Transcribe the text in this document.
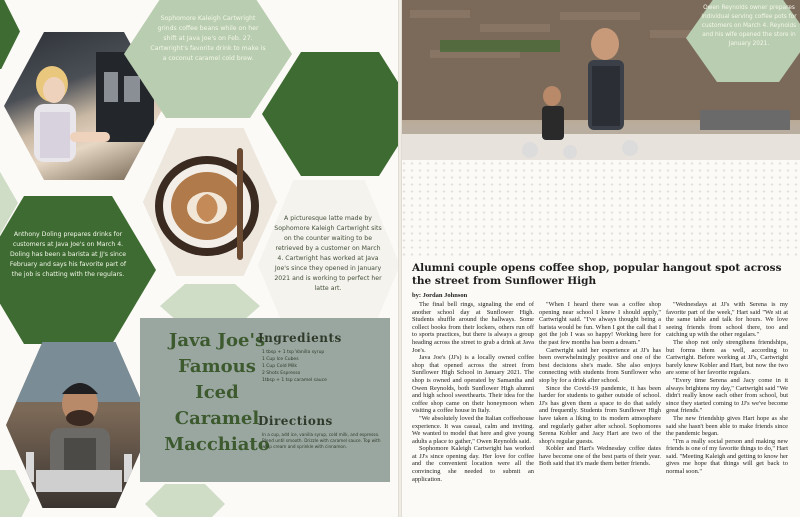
Sophomore Kaleigh Cartwright grinds coffee beans while on her shift at Java Joe's on Feb. 27. Cartwright's favorite drink to make is a coconut caramel cold brew.
A picturesque latte made by Sophomore Kaleigh Cartwright sits on the counter waiting to be retrieved by a customer on March 4. Cartwright has worked at Java Joe's since they opened in January 2021 and is working to perfect her latte art.
Anthony Doling prepares drinks for customers at Java Joe's on March 4. Doling has been a barista at JJ's since February and says his favorite part of the job is chatting with the regulars.
Java Joe's Famous Iced Caramel Macchiato
Ingredients
1 tbsp + 1 tsp Vanilla syrup
1 Cup Ice Cubes
1 Cup Cold Milk
2 Shots Espresso
1tbsp + 1 tsp caramel sauce
Directions
In a cup, add ice, vanilla syrup, cold milk, and espresso. Blend until smooth. Drizzle with caramel sauce. Top with whip cream and sprinkle with cinnamon.
Owen Reynolds owner prepares individual serving coffee pots for customers on March 4. Reynolds and his wife opened the store in January 2021.
Alumni couple opens coffee shop, popular hangout spot across the street from Sunflower High
by: Jordan Johnson

The final bell rings, signaling the end of another school day at Sunflower High. Students shuffle around the hallways. Some collect books from their lockers, others run off to sports practices, but there is always a group heading across the street to grab a drink at Java Joe's.

Java Joe's (JJ's) is a locally owned coffee shop that opened across the street from Sunflower High School in January 2021. The shop is owned and operated by Samantha and Owen Reynolds, both Sunflower High alumni and high school sweethearts. Their idea for the coffee shop came on their honeymoon when visiting a coffee house in Italy.

"We absolutely loved the Italian coffeehouse experience. It was casual, calm and inviting. We wanted to model that here and give young adults a place to gather," Owen Reynolds said.

Sophomore Kaleigh Cartwright has worked at JJ's since opening day. Her love for coffee and the convenient location were all the convincing she needed to submit an application.

"When I heard there was a coffee shop opening near school I knew I should apply," Cartwright said. "I've always thought being a barista would be fun. When I got the call that I got the job I was so happy! Working here for the past few months has been a dream."

Cartwright said her experience at JJ's has been overwhelmingly positive and one of the best decisions she's made. She also enjoys connecting with students from Sunflower who stop by for a drink after school.

Since the Covid-19 pandemic, it has been harder for students to gather outside of school. JJ's has given them a space to do that safely and frequently. Students from Sunflower High have taken a liking to its modern atmosphere and regularly gather after school. Sophomores Serena Kobler and Jacy Hart are two of the shop's regular guests.

Kobler and Hart's Wednesday coffee dates have become one of the best parts of their year. Both said that it's made them better friends.

"Wednesdays at JJ's with Serena is my favorite part of the week," Hart said "We sit at the same table and talk for hours. We love seeing friends from school there, too and catching up with the other regulars."

The shop not only strengthens friendships, but forms them as well, according to Cartwright. Before working at JJ's, Cartwright barely knew Kobler and Hart, but now the two are some of her favorite regulars.

"Every time Serena and Jacy come in it always brightens my day," Cartwright said "We didn't really know each other from school, but since they started coming to JJ's we've become great friends."

The new friendship gives Hart hope as she said she hasn't been able to make friends since the pandemic began.

"I'm a really social person and making new friends is one of my favorite things to do," Hart said. "Meeting Kaleigh and getting to know her gives me hope that things will get back to normal soon."
